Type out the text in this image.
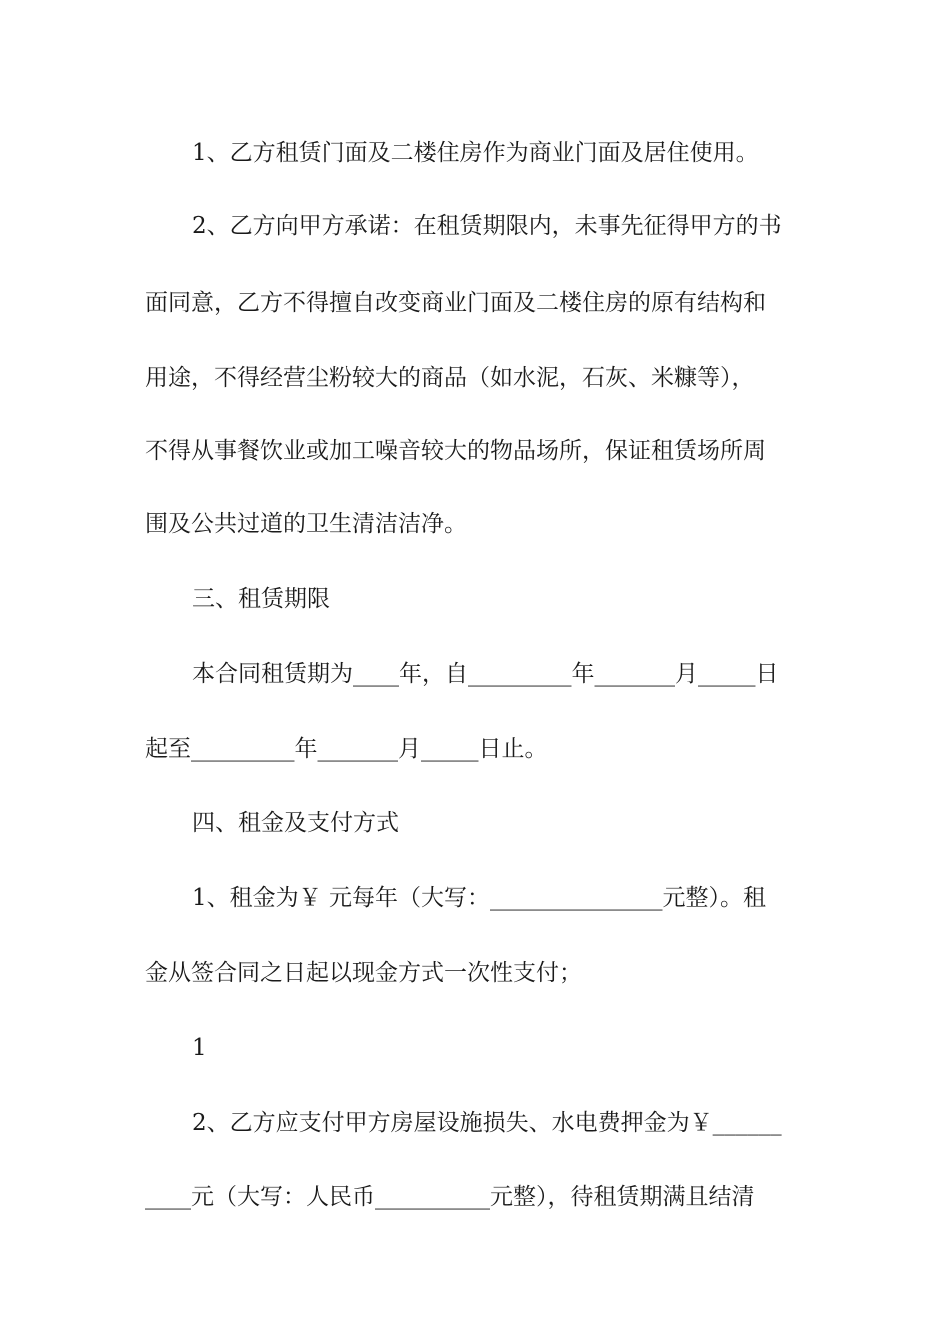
1、乙方租赁门面及二楼住房作为商业门面及居住使用。
2、乙方向甲方承诺：在租赁期限内，未事先征得甲方的书
面同意，乙方不得擅自改变商业门面及二楼住房的原有结构和
用途，不得经营尘粉较大的商品（如水泥，石灰、米糠等），
不得从事餐饮业或加工噪音较大的物品场所，保证租赁场所周
围及公共过道的卫生清洁洁净。
三、租赁期限
本合同租赁期为____年，自_________年_______月_____日
起至_________年_______月_____日止。
四、租金及支付方式
1、租金为￥ 元每年（大写：_______________元整）。租
金从签合同之日起以现金方式一次性支付；
1
2、乙方应支付甲方房屋设施损失、水电费押金为￥______
____元（大写：人民币__________元整），待租赁期满且结清
